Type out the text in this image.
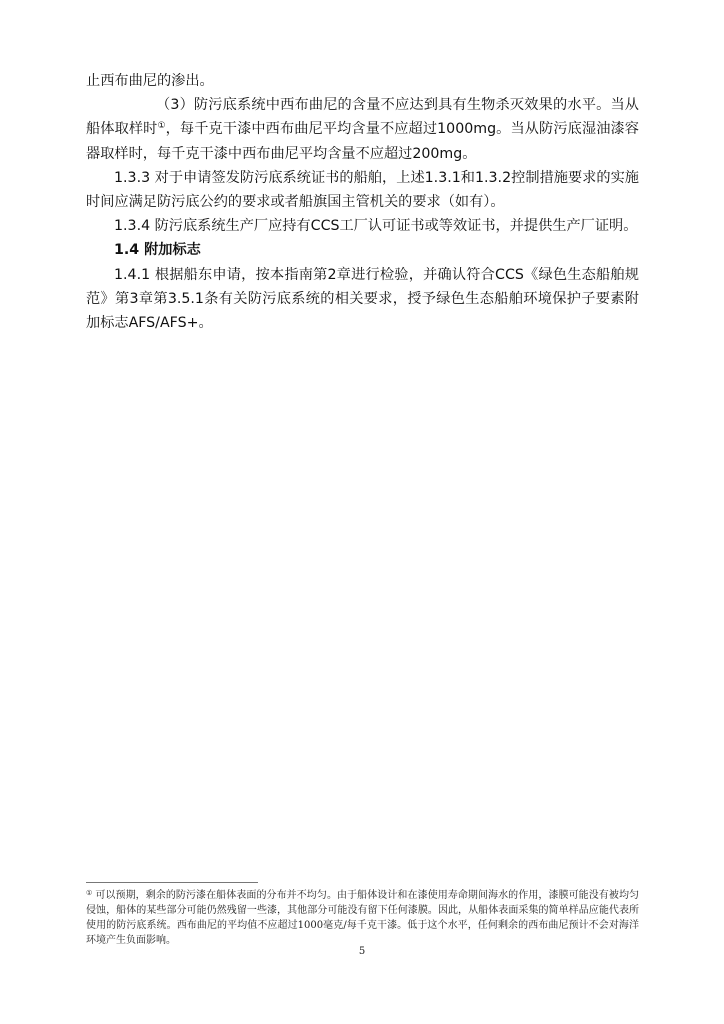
止西布曲尼的渗出。

（3）防污底系统中西布曲尼的含量不应达到具有生物杀灭效果的水平。当从船体取样时①，每千克干漆中西布曲尼平均含量不应超过1000mg。当从防污底湿油漆容器取样时，每千克干漆中西布曲尼平均含量不应超过200mg。

1.3.3 对于申请签发防污底系统证书的船舶，上述1.3.1和1.3.2控制措施要求的实施时间应满足防污底公约的要求或者船旗国主管机关的要求（如有）。

1.3.4 防污底系统生产厂应持有CCS工厂认可证书或等效证书，并提供生产厂证明。

1.4 附加标志

1.4.1 根据船东申请，按本指南第2章进行检验，并确认符合CCS《绿色生态船舶规范》第3章第3.5.1条有关防污底系统的相关要求，授予绿色生态船舶环境保护子要素附加标志AFS/AFS+。

① 可以预期，剩余的防污漆在船体表面的分布并不均匀。由于船体设计和在漆使用寿命期间海水的作用，漆膜可能没有被均匀侵蚀，船体的某些部分可能仍然残留一些漆，其他部分可能没有留下任何漆膜。因此，从船体表面采集的简单样品应能代表所使用的防污底系统。西布曲尼的平均值不应超过1000毫克/每千克干漆。低于这个水平，任何剩余的西布曲尼预计不会对海洋环境产生负面影响。
5
